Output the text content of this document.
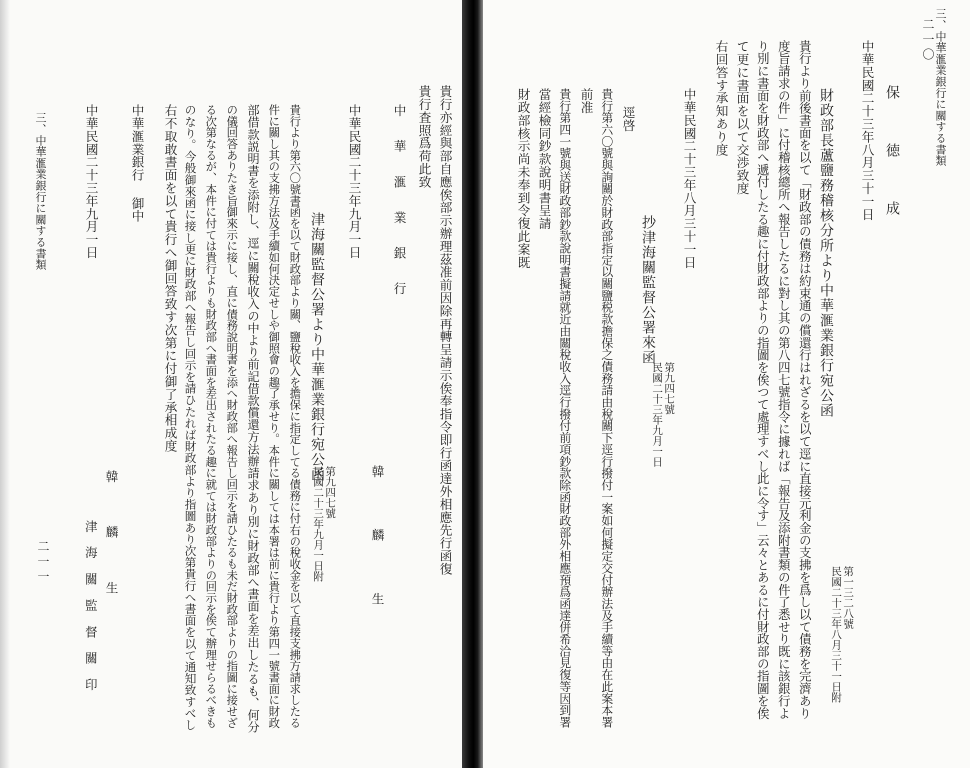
三、中華滙業銀行に關する書類
二一〇
保 徳 成
中華民國二十三年八月三十一日
財政部長蘆鹽務稽核分所より中華滙業銀行宛公函
第一三二八號
民國二十三年八月三十一日附
貴行より前後書面を以て「財政部の債務は約束通の償還行はれざるを以て逕に直接元利金の支拂を爲し以て債務を完濟あり
度旨請求の件」に付稽核總所へ報告したるに對し其の第八四七號指令に據れば「報告及添附書類の件了悉せり既に該銀行よ
り別に書面を財政部へ遞付したる趣に付財政部よりの指圖を俟つて處理すべし此に令す」云々とあるに付財政部の指圖を俟
て更に書面を以て交渉致度
右回答す承知あり度
中華民國二十三年八月三十一日
抄津海關監督公署來函
第九四七號
民國二十三年九月一日
逕啓
貴行第六〇號與詢關於財政部指定以關鹽税款擔保之債務請由稅關下逕行撥付一案如何擬定交付辦法及手續等由在此案本署
前准
貴行第四一號與送財政部鈔款說明書擬請就近由關稅收入逕行撥付前項鈔款除函財政部外相應預爲函達併希洽見復等因到署
當經檢同鈔款說明書呈請
財政部核示尚未奉到令復此案既
貴行亦經與部自應俟部示辦理茲准前因除再轉呈請示俟奉指令即行函達外相應先行函復
貴行査照爲荷此致
中 華 滙 業 銀 行
韓 麟 生
中華民國二十三年九月一日
津海關監督公署より中華滙業銀行宛公函
第九四七號
民國二十三年九月一日附
貴行より第六〇號書函を以て財政部より關、鹽稅收入を擔保に指定してる債務に付右の稅收金を以て直接支拂方請求したる
件に關し其の支拂方法及手續如何決定せしや御照會の趣了承せり。本件に關しては本署は前に貴行より第四一號書面に財政
部借款説明書を添附し、逕に關稅收入の中より前記借款償還方法辦請求あり別に財政部へ書面を差出したるも、何分
の儀回答ありたき旨御來示に接し、直に債務說明書を添へ財政部へ報告し回示を請ひたるも未だ財政部よりの指圖に接せざ
る次第なるが、本件に付ては貴行よりも財政部へ書面を差出されたる趣に就ては財政部よりの回示を俟て辦理せらるべきも
のなり。今般御來函に接し更に財政部へ報告し回示を請ひたれば財政部より指圖あり次第貴行へ書面を以て通知致すべし
右不取敢書面を以て貴行へ御回答致す次第に付御了承相成度
中華滙業銀行 御中
韓 麟 生
中華民國二十三年九月一日
津 海 關 監 督 關 印
三、中華滙業銀行に關する書類
二一一
